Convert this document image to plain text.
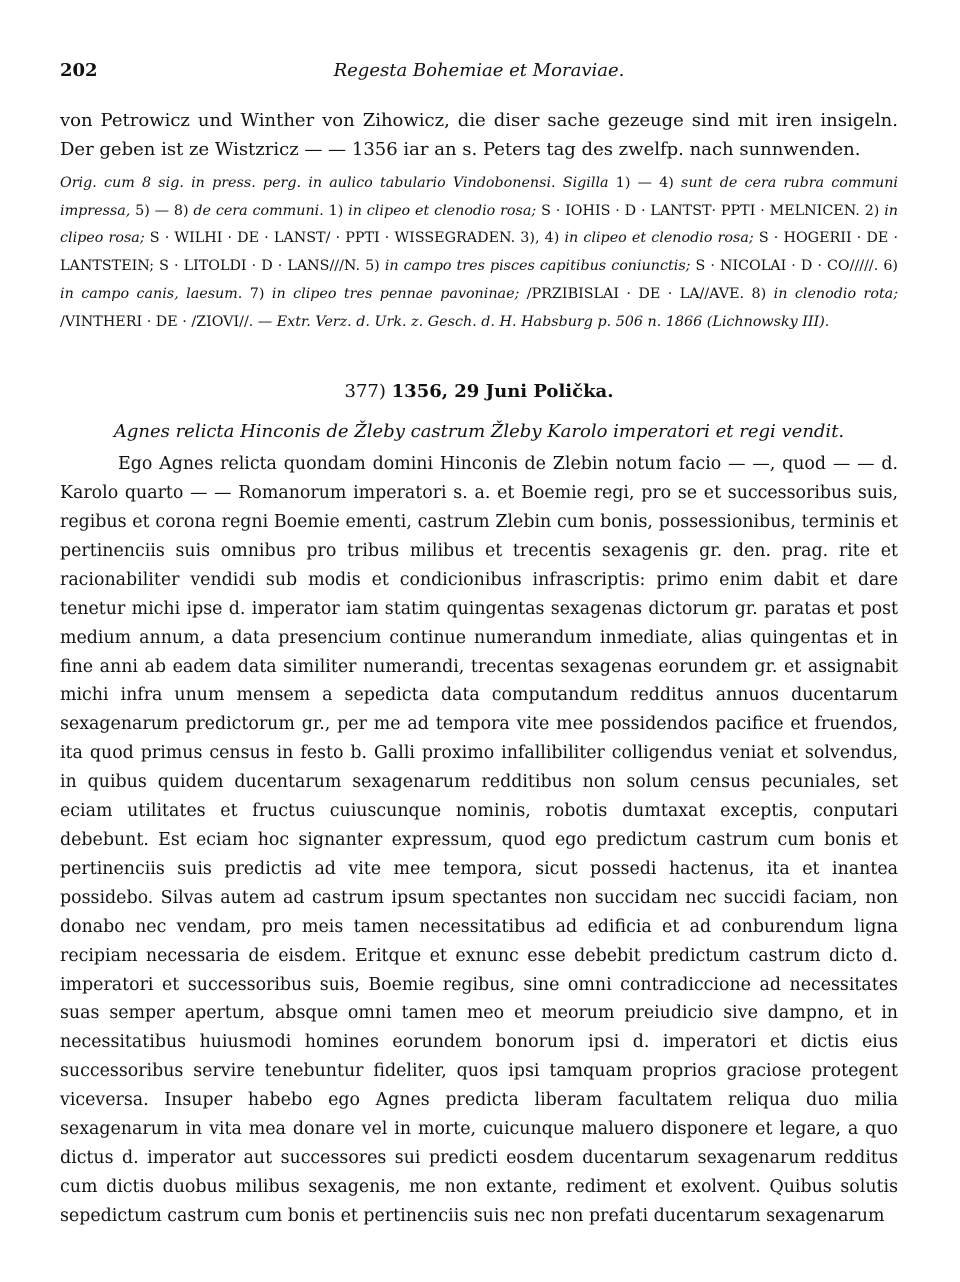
202	Regesta Bohemiae et Moraviae.

von Petrowicz und Winther von Zihowicz, die diser sache gezeuge sind mit iren insigeln. Der geben ist ze Wistzricz — — 1356 iar an s. Peters tag des zwelfp. nach sunnwenden.

Orig. cum 8 sig. in press. perg. in aulico tabulario Vindobonensi. Sigilla 1) — 4) sunt de cera rubra communi impressa, 5) — 8) de cera communi. 1) in clipeo et clenodio rosa; S · IOHIS · D · LANTST· PPTI · MELNICEN. 2) in clipeo rosa; S · WILHI · DE · LANST/ · PPTI · WISSEGRADEN. 3), 4) in clipeo et clenodio rosa; S · HOGERII · DE · LANTSTEIN; S · LITOLDI · D · LANS///N. 5) in campo tres pisces capitibus coniunctis; S · NICOLAI · D · CO/////. 6) in campo canis, laesum. 7) in clipeo tres pennae pavoninae; /PRZIBISLAI · DE · LA//AVE. 8) in clenodio rota; /VINTHERI · DE · /ZIOVI//. — Extr. Verz. d. Urk. z. Gesch. d. H. Habsburg p. 506 n. 1866 (Lichnowsky III).

377) 1356, 29 Juni Polička.
Agnes relicta Hinconis de Žleby castrum Žleby Karolo imperatori et regi vendit.

Ego Agnes relicta quondam domini Hinconis de Zlebin notum facio — —, quod — — d. Karolo quarto — — Romanorum imperatori s. a. et Boemie regi, pro se et successoribus suis, regibus et corona regni Boemie ementi, castrum Zlebin cum bonis, possessionibus, terminis et pertinenciis suis omnibus pro tribus milibus et trecentis sexagenis gr. den. prag. rite et racionabiliter vendidi sub modis et condicionibus infrascriptis: primo enim dabit et dare tenetur michi ipse d. imperator iam statim quingentas sexagenas dictorum gr. paratas et post medium annum, a data presencium continue numerandum inmediate, alias quingentas et in fine anni ab eadem data similiter numerandi, trecentas sexagenas eorundem gr. et assignabit michi infra unum mensem a sepedicta data computandum redditus annuos ducentarum sexagenarum predictorum gr., per me ad tempora vite mee possidendos pacifice et fruendos, ita quod primus census in festo b. Galli proximo infallibiliter colligendus veniat et solvendus, in quibus quidem ducentarum sexagenarum redditibus non solum census pecuniales, set eciam utilitates et fructus cuiuscunque nominis, robotis dumtaxat exceptis, conputari debebunt. Est eciam hoc signanter expressum, quod ego predictum castrum cum bonis et pertinenciis suis predictis ad vite mee tempora, sicut possedi hactenus, ita et inantea possidebo. Silvas autem ad castrum ipsum spectantes non succidam nec succidi faciam, non donabo nec vendam, pro meis tamen necessitatibus ad edificia et ad conburendum ligna recipiam necessaria de eisdem. Eritque et exnunc esse debebit predictum castrum dicto d. imperatori et successoribus suis, Boemie regibus, sine omni contradiccione ad necessitates suas semper apertum, absque omni tamen meo et meorum preiudicio sive dampno, et in necessitatibus huiusmodi homines eorundem bonorum ipsi d. imperatori et dictis eius successoribus servire tenebuntur fideliter, quos ipsi tamquam proprios graciose protegent viceversa. Insuper habebo ego Agnes predicta liberam facultatem reliqua duo milia sexagenarum in vita mea donare vel in morte, cuicunque maluero disponere et legare, a quo dictus d. imperator aut successores sui predicti eosdem ducentarum sexagenarum redditus cum dictis duobus milibus sexagenis, me non extante, rediment et exolvent. Quibus solutis sepedictum castrum cum bonis et pertinenciis suis nec non prefati ducentarum sexagenarum
